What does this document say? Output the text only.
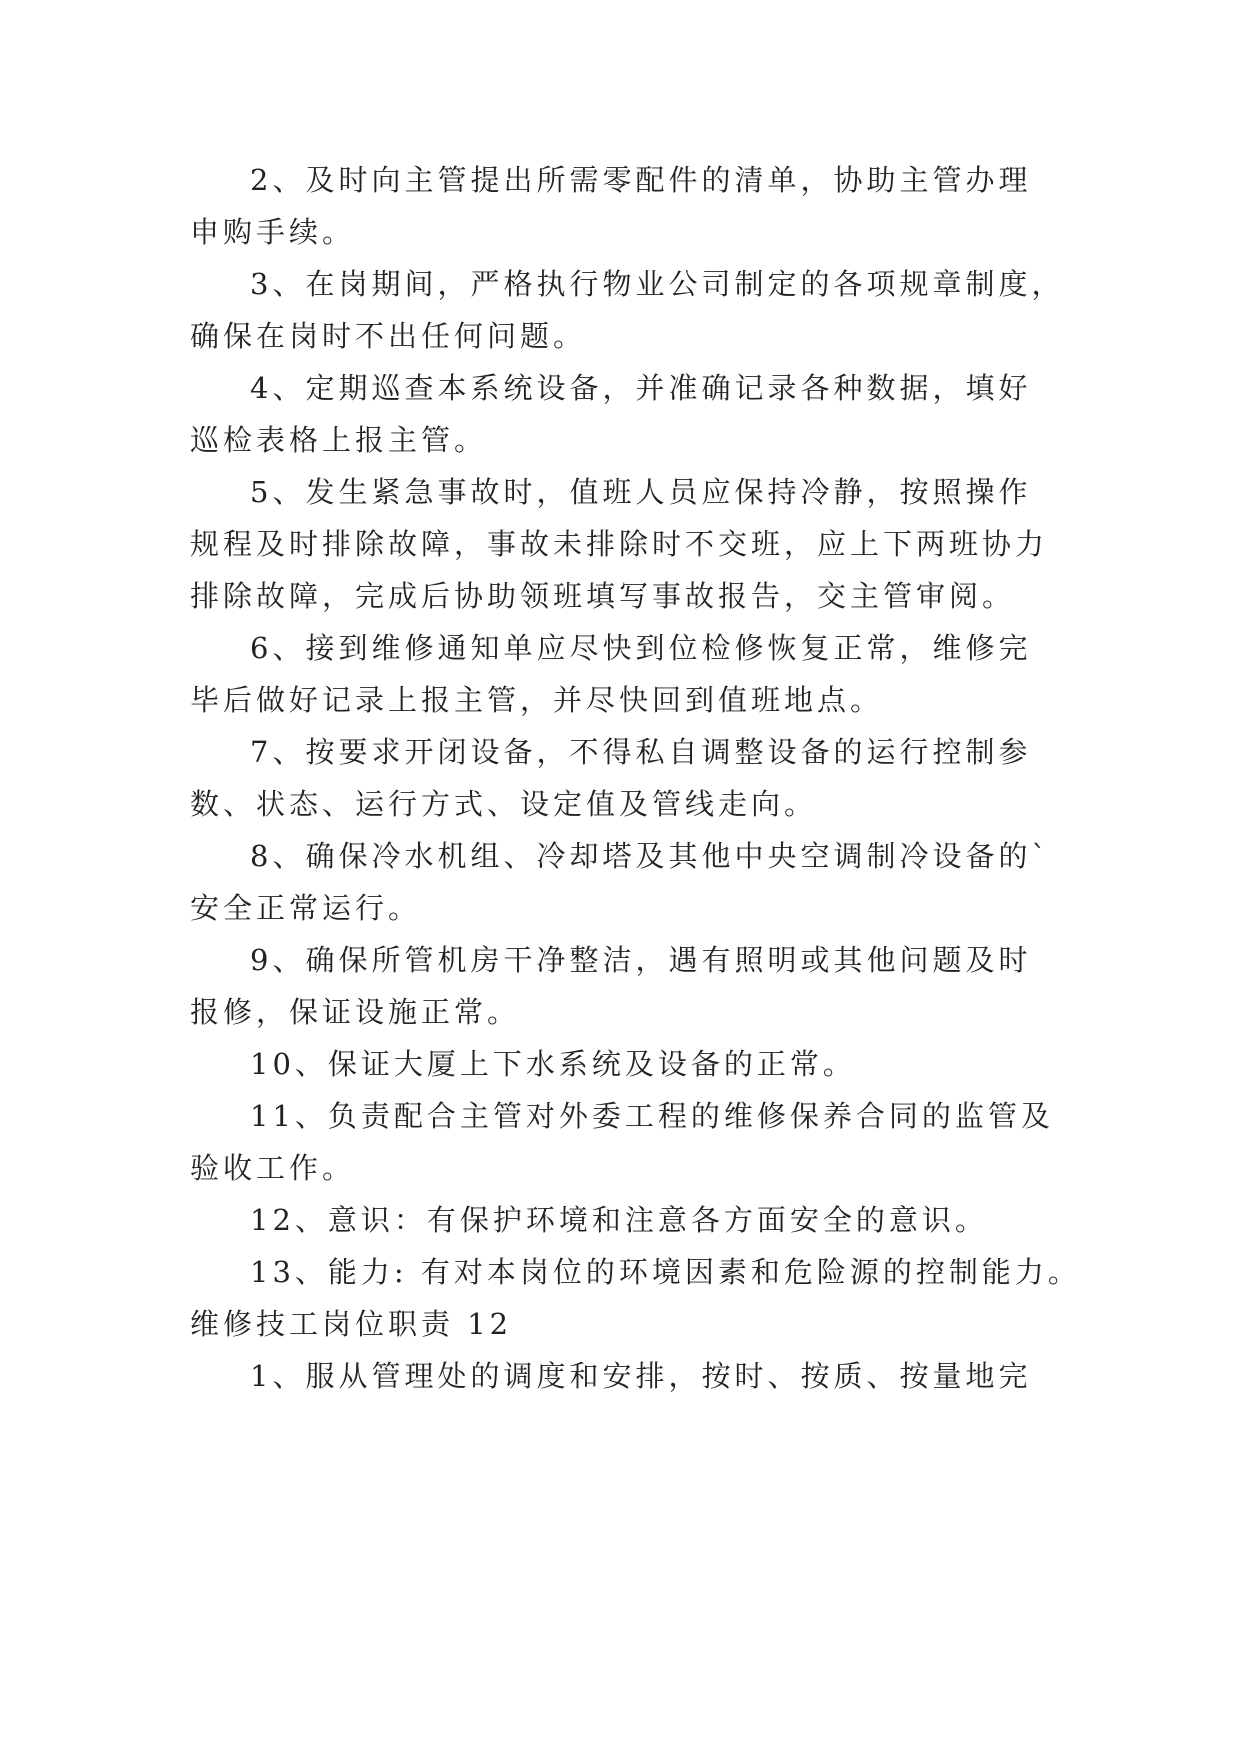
2、及时向主管提出所需零配件的清单，协助主管办理
申购手续。
3、在岗期间，严格执行物业公司制定的各项规章制度，
确保在岗时不出任何问题。
4、定期巡查本系统设备，并准确记录各种数据，填好
巡检表格上报主管。
5、发生紧急事故时，值班人员应保持冷静，按照操作
规程及时排除故障，事故未排除时不交班，应上下两班协力
排除故障，完成后协助领班填写事故报告，交主管审阅。
6、接到维修通知单应尽快到位检修恢复正常，维修完
毕后做好记录上报主管，并尽快回到值班地点。
7、按要求开闭设备，不得私自调整设备的运行控制参
数、状态、运行方式、设定值及管线走向。
8、确保冷水机组、冷却塔及其他中央空调制冷设备的`
安全正常运行。
9、确保所管机房干净整洁，遇有照明或其他问题及时
报修，保证设施正常。
10、保证大厦上下水系统及设备的正常。
11、负责配合主管对外委工程的维修保养合同的监管及
验收工作。
12、意识：有保护环境和注意各方面安全的意识。
13、能力: 有对本岗位的环境因素和危险源的控制能力。
维修技工岗位职责 12
1、服从管理处的调度和安排，按时、按质、按量地完
